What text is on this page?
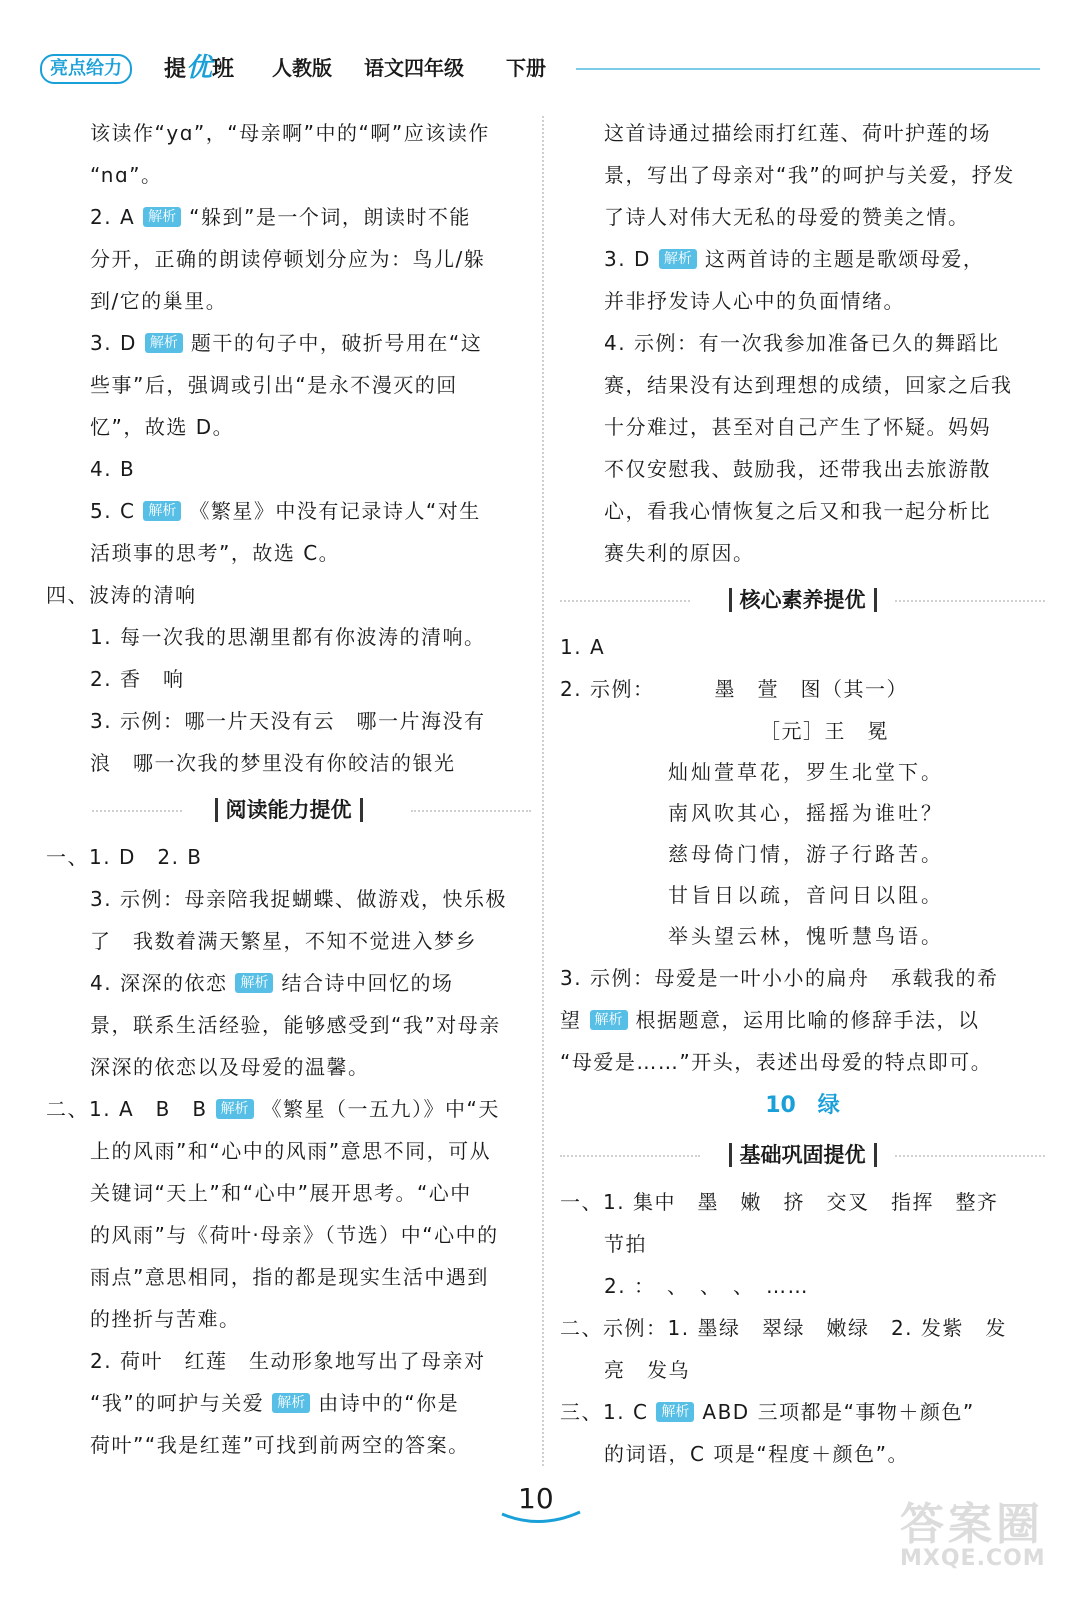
亮点给力	提优班 人教版 语文四年级 下册
该读作“yɑ”，“母亲啊”中的“啊”应该读作
“nɑ”。
2. A 解析 “躲到”是一个词，朗读时不能
分开，正确的朗读停顿划分应为：鸟儿/躲
到/它的巢里。
3. D 解析 题干的句子中，破折号用在“这
些事”后，强调或引出“是永不漫灭的回
忆”，故选 D。
4. B
5. C 解析 《繁星》中没有记录诗人“对生
活琐事的思考”，故选 C。
四、波涛的清响
1. 每一次我的思潮里都有你波涛的清响。
2. 香　响
3. 示例：哪一片天没有云　哪一片海没有
浪　哪一次我的梦里没有你皎洁的银光
阅读能力提优
一、1. D　2. B
3. 示例：母亲陪我捉蝴蝶、做游戏，快乐极
了　我数着满天繁星，不知不觉进入梦乡
4. 深深的依恋 解析 结合诗中回忆的场
景，联系生活经验，能够感受到“我”对母亲
深深的依恋以及母爱的温馨。
二、1. A　B　B 解析 《繁星（一五九）》中“天
上的风雨”和“心中的风雨”意思不同，可从
关键词“天上”和“心中”展开思考。“心中
的风雨”与《荷叶·母亲》（节选）中“心中的
雨点”意思相同，指的都是现实生活中遇到
的挫折与苦难。
2. 荷叶　红莲　生动形象地写出了母亲对
“我”的呵护与关爱 解析 由诗中的“你是
荷叶”“我是红莲”可找到前两空的答案。
这首诗通过描绘雨打红莲、荷叶护莲的场
景，写出了母亲对“我”的呵护与关爱，抒发
了诗人对伟大无私的母爱的赞美之情。
3. D 解析 这两首诗的主题是歌颂母爱，
并非抒发诗人心中的负面情绪。
4. 示例：有一次我参加准备已久的舞蹈比
赛，结果没有达到理想的成绩，回家之后我
十分难过，甚至对自己产生了怀疑。妈妈
不仅安慰我、鼓励我，还带我出去旅游散
心，看我心情恢复之后又和我一起分析比
赛失利的原因。
核心素养提优
1. A
2. 示例：	墨　萱　图（其一）
［元］王　冕
灿灿萱草花，罗生北堂下。
南风吹其心，摇摇为谁吐？
慈母倚门情，游子行路苦。
甘旨日以疏，音问日以阻。
举头望云林，愧听慧鸟语。
3. 示例：母爱是一叶小小的扁舟　承载我的希
望 解析 根据题意，运用比喻的修辞手法，以
“母爱是……”开头，表述出母爱的特点即可。
10　绿
基础巩固提优
一、1. 集中　墨　嫩　挤　交叉　指挥　整齐
节拍
2. ：　、　、　、　……
二、示例：1. 墨绿　翠绿　嫩绿　2. 发紫　发
亮　发乌
三、1. C 解析 ABD 三项都是“事物＋颜色”
的词语，C 项是“程度＋颜色”。
10
答案圈
MXQE.COM
